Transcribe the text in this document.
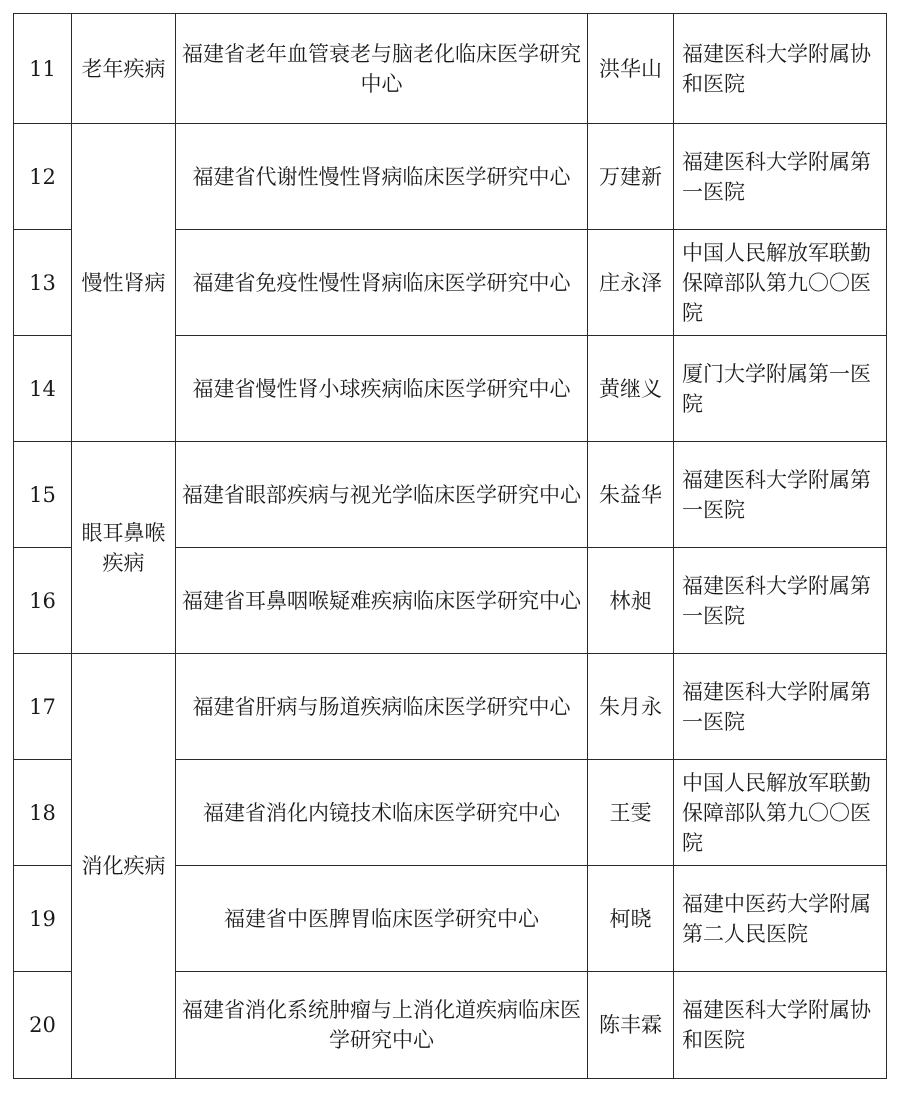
11	老年疾病	福建省老年血管衰老与脑老化临床医学研究中心	洪华山	福建医科大学附属协和医院
12	慢性肾病	福建省代谢性慢性肾病临床医学研究中心	万建新	福建医科大学附属第一医院
13		福建省免疫性慢性肾病临床医学研究中心	庄永泽	中国人民解放军联勤保障部队第九〇〇医院
14		福建省慢性肾小球疾病临床医学研究中心	黄继义	厦门大学附属第一医院
15	眼耳鼻喉疾病	福建省眼部疾病与视光学临床医学研究中心	朱益华	福建医科大学附属第一医院
16		福建省耳鼻咽喉疑难疾病临床医学研究中心	林昶	福建医科大学附属第一医院
17	消化疾病	福建省肝病与肠道疾病临床医学研究中心	朱月永	福建医科大学附属第一医院
18		福建省消化内镜技术临床医学研究中心	王雯	中国人民解放军联勤保障部队第九〇〇医院
19		福建省中医脾胃临床医学研究中心	柯晓	福建中医药大学附属第二人民医院
20		福建省消化系统肿瘤与上消化道疾病临床医学研究中心	陈丰霖	福建医科大学附属协和医院
